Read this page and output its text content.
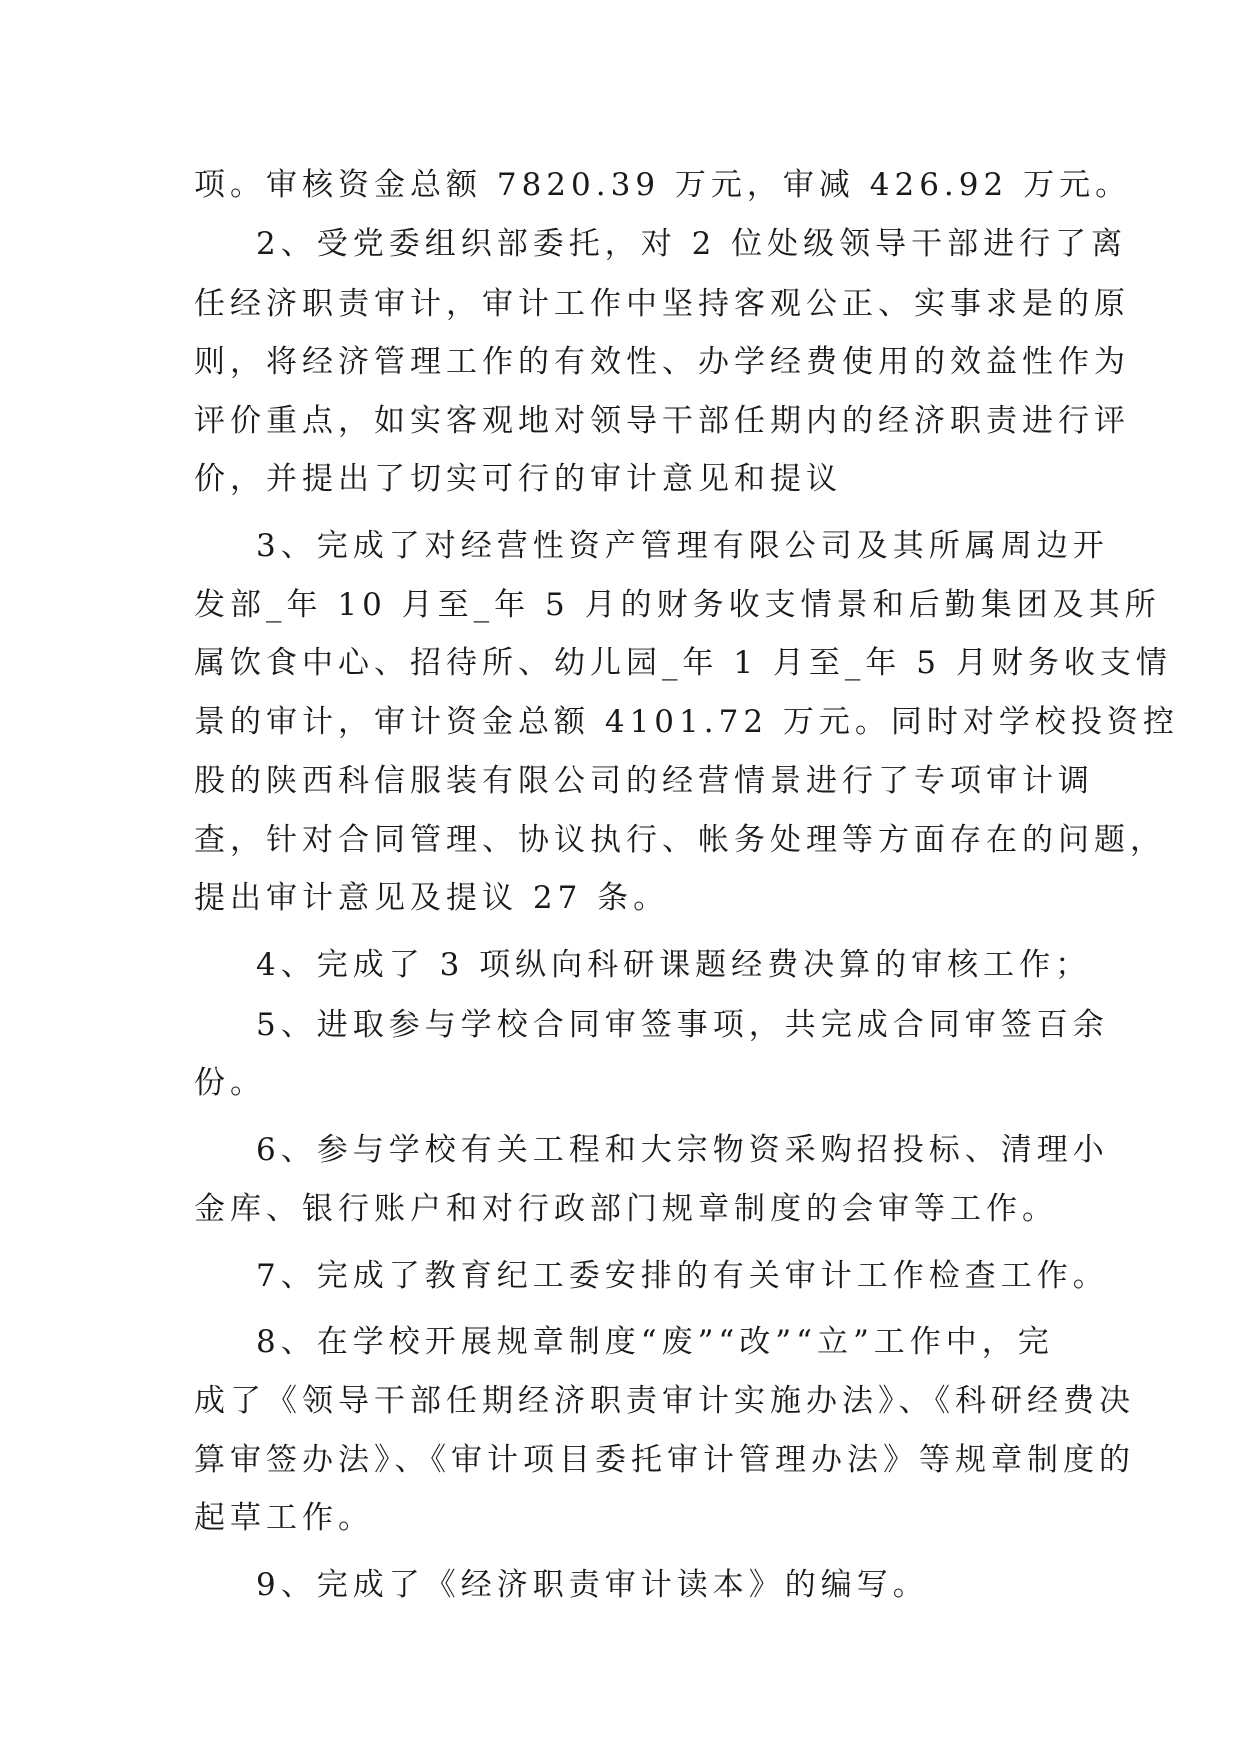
项。审核资金总额 7820.39 万元，审减 426.92 万元。
2、受党委组织部委托，对 2 位处级领导干部进行了离
任经济职责审计，审计工作中坚持客观公正、实事求是的原
则，将经济管理工作的有效性、办学经费使用的效益性作为
评价重点，如实客观地对领导干部任期内的经济职责进行评
价，并提出了切实可行的审计意见和提议
3、完成了对经营性资产管理有限公司及其所属周边开
发部_年 10 月至_年 5 月的财务收支情景和后勤集团及其所
属饮食中心、招待所、幼儿园_年 1 月至_年 5 月财务收支情
景的审计，审计资金总额 4101.72 万元。同时对学校投资控
股的陕西科信服装有限公司的经营情景进行了专项审计调
查，针对合同管理、协议执行、帐务处理等方面存在的问题，
提出审计意见及提议 27 条。
4、完成了 3 项纵向科研课题经费决算的审核工作；
5、进取参与学校合同审签事项，共完成合同审签百余
份。
6、参与学校有关工程和大宗物资采购招投标、清理小
金库、银行账户和对行政部门规章制度的会审等工作。
7、完成了教育纪工委安排的有关审计工作检查工作。
8、在学校开展规章制度“废”“改”“立”工作中，完
成了《领导干部任期经济职责审计实施办法》、《科研经费决
算审签办法》、《审计项目委托审计管理办法》等规章制度的
起草工作。
9、完成了《经济职责审计读本》的编写。
